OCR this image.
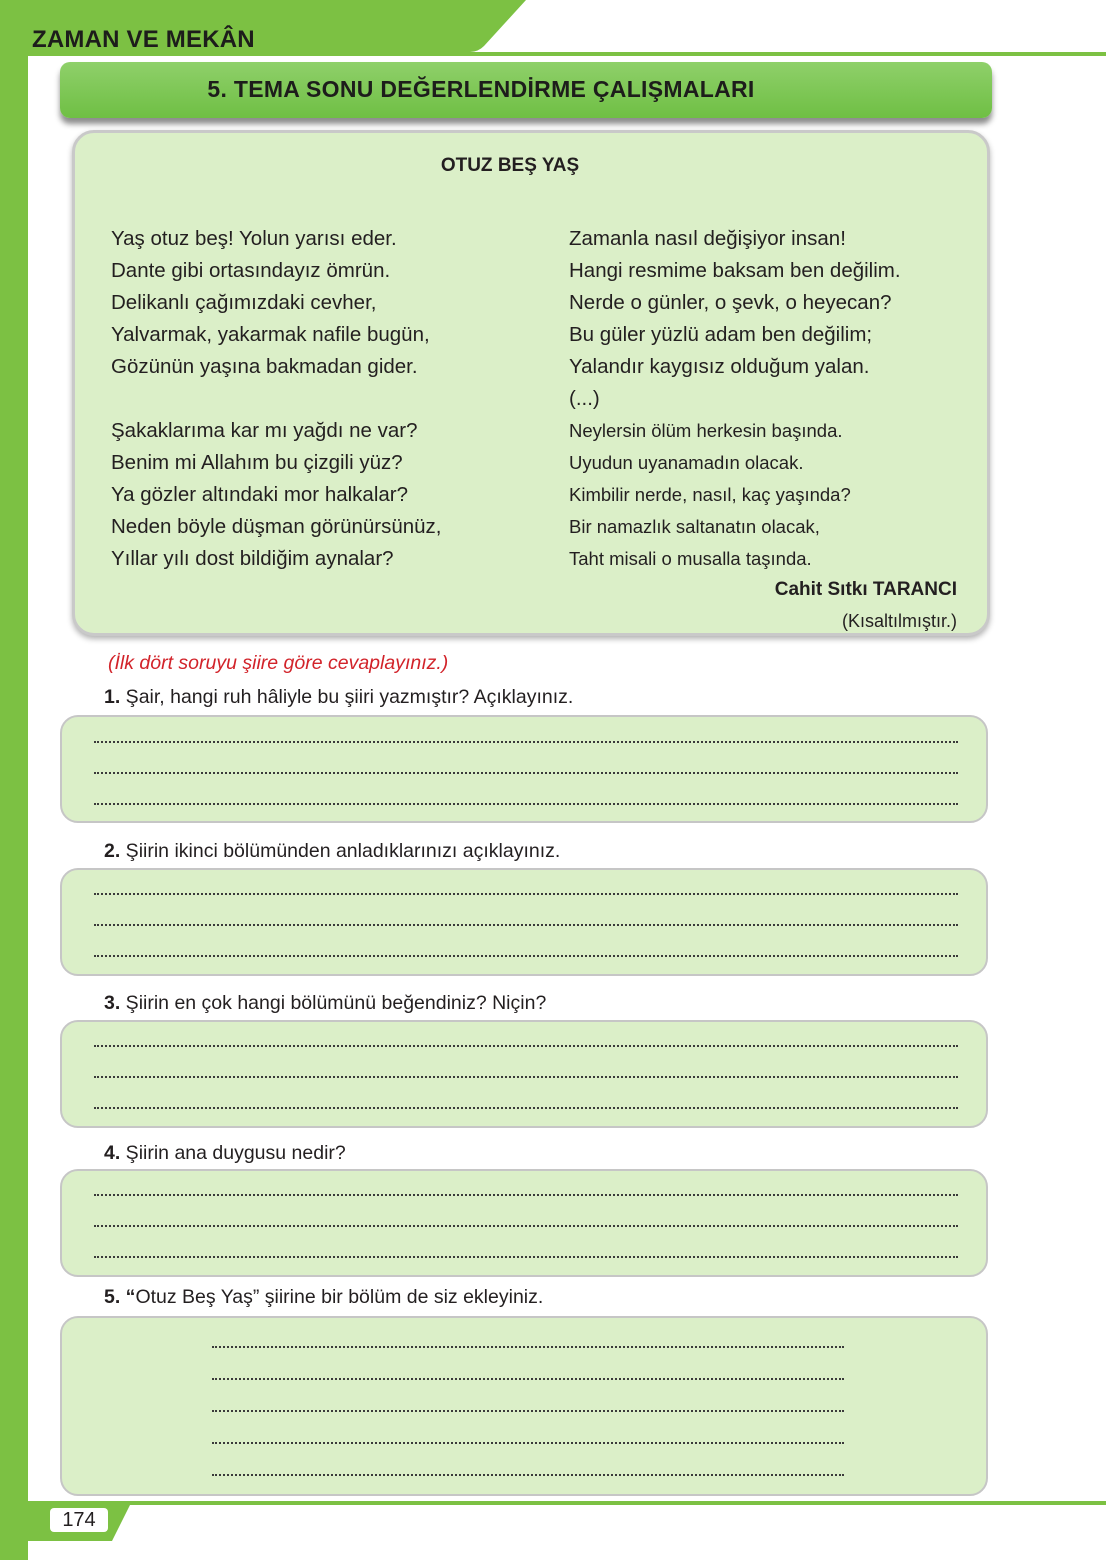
ZAMAN VE MEKÂN
5. TEMA SONU DEĞERLENDİRME ÇALIŞMALARI
OTUZ BEŞ YAŞ
Yaş otuz beş! Yolun yarısı eder.
Dante gibi ortasındayız ömrün.
Delikanlı çağımızdaki cevher,
Yalvarmak, yakarmak nafile bugün,
Gözünün yaşına bakmadan gider.
Şakaklarıma kar mı yağdı ne var?
Benim mi Allahım bu çizgili yüz?
Ya gözler altındaki mor halkalar?
Neden böyle düşman görünürsünüz,
Yıllar yılı dost bildiğim aynalar?
Zamanla nasıl değişiyor insan!
Hangi resmime baksam ben değilim.
Nerde o günler, o şevk, o heyecan?
Bu güler yüzlü adam ben değilim;
Yalandır kaygısız olduğum yalan.
(...)
Neylersin ölüm herkesin başında.
Uyudun uyanamadın olacak.
Kimbilir nerde, nasıl, kaç yaşında?
Bir namazlık saltanatın olacak,
Taht misali o musalla taşında.
Cahit Sıtkı TARANCI
(Kısaltılmıştır.)
(İlk dört soruyu şiire göre cevaplayınız.)
1. Şair, hangi ruh hâliyle bu şiiri yazmıştır? Açıklayınız.
2. Şiirin ikinci bölümünden anladıklarınızı açıklayınız.
3. Şiirin en çok hangi bölümünü beğendiniz? Niçin?
4. Şiirin ana duygusu nedir?
5. “Otuz Beş Yaş” şiirine bir bölüm de siz ekleyiniz.
174
